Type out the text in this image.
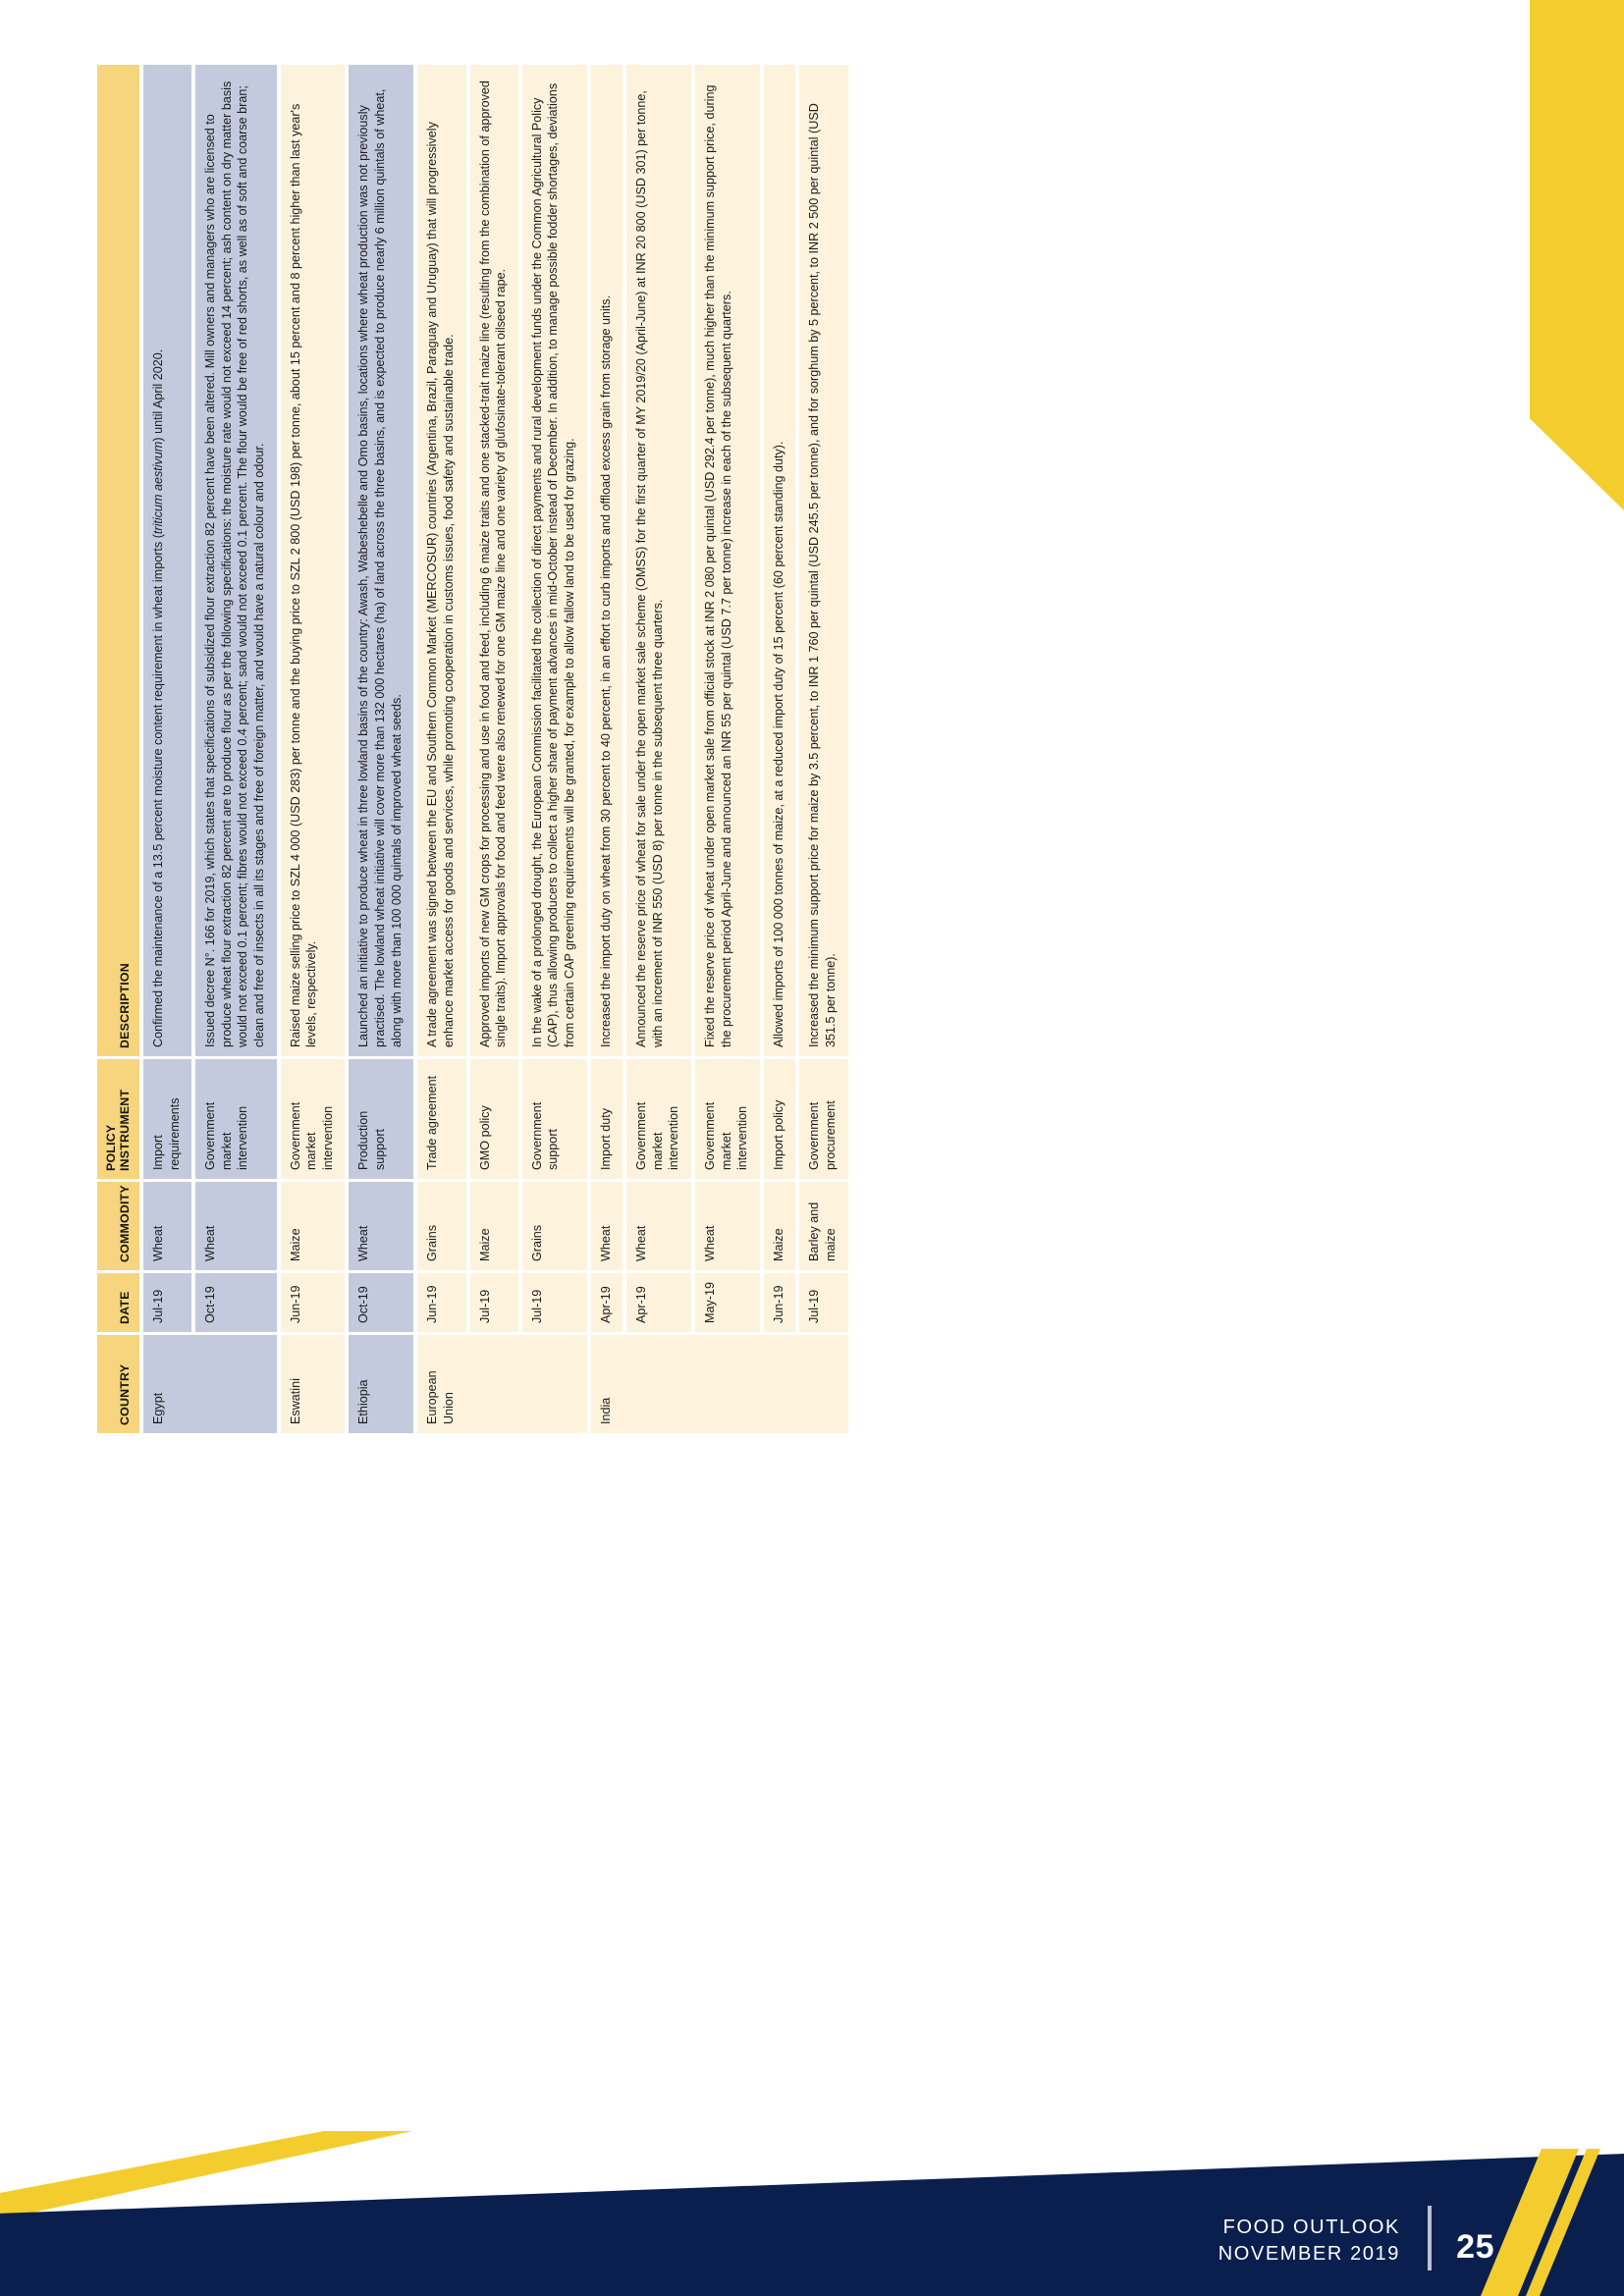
COUNTRY	DATE	COMMODITY	POLICY INSTRUMENT	DESCRIPTION
Egypt	Jul-19	Wheat	Import requirements	Confirmed the maintenance of a 13.5 percent moisture content requirement in wheat imports (triticum aestivum) until April 2020.
	Oct-19	Wheat	Government market intervention	Issued decree N°. 166 for 2019, which states that specifications of subsidized flour extraction 82 percent have been altered. Mill owners and managers who are licensed to produce wheat flour extraction 82 percent are to produce flour as per the following specifications: the moisture rate would not exceed 14 percent; ash content on dry matter basis would not exceed 0.1 percent; fibres would not exceed 0.4 percent; sand would not exceed 0.1 percent. The flour would be free of red shorts, as well as of soft and coarse bran; clean and free of insects in all its stages and free of foreign matter, and would have a natural colour and odour.
Eswatini	Jun-19	Maize	Government market intervention	Raised maize selling price to SZL 4 000 (USD 283) per tonne and the buying price to SZL 2 800 (USD 198) per tonne, about 15 percent and 8 percent higher than last year's levels, respectively.
Ethiopia	Oct-19	Wheat	Production support	Launched an initiative to produce wheat in three lowland basins of the country: Awash, Wabeshebelle and Omo basins, locations where wheat production was not previously practised. The lowland wheat initiative will cover more than 132 000 hectares (ha) of land across the three basins, and is expected to produce nearly 6 million quintals of wheat, along with more than 100 000 quintals of improved wheat seeds.
European Union	Jun-19	Grains	Trade agreement	A trade agreement was signed between the EU and Southern Common Market (MERCOSUR) countries (Argentina, Brazil, Paraguay and Uruguay) that will progressively enhance market access for goods and services, while promoting cooperation in customs issues, food safety and sustainable trade.
	Jul-19	Maize	GMO policy	Approved imports of new GM crops for processing and use in food and feed, including 6 maize traits and one stacked-trait maize line (resulting from the combination of approved single traits). Import approvals for food and feed were also renewed for one GM maize line and one variety of glufosinate-tolerant oilseed rape.
	Jul-19	Grains	Government support	In the wake of a prolonged drought, the European Commission facilitated the collection of direct payments and rural development funds under the Common Agricultural Policy (CAP), thus allowing producers to collect a higher share of payment advances in mid-October instead of December. In addition, to manage possible fodder shortages, deviations from certain CAP greening requirements will be granted, for example to allow fallow land to be used for grazing.
India	Apr-19	Wheat	Import duty	Increased the import duty on wheat from 30 percent to 40 percent, in an effort to curb imports and offload excess grain from storage units.
	Apr-19	Wheat	Government market intervention	Announced the reserve price of wheat for sale under the open market sale scheme (OMSS) for the first quarter of MY 2019/20 (April-June) at INR 20 800 (USD 301) per tonne, with an increment of INR 550 (USD 8) per tonne in the subsequent three quarters.
	May-19	Wheat	Government market intervention	Fixed the reserve price of wheat under open market sale from official stock at INR 2 080 per quintal (USD 292.4 per tonne), much higher than the minimum support price, during the procurement period April-June and announced an INR 55 per quintal (USD 7.7 per tonne) increase in each of the subsequent quarters.
	Jun-19	Maize	Import policy	Allowed imports of 100 000 tonnes of maize, at a reduced import duty of 15 percent (60 percent standing duty).
	Jul-19	Barley and maize	Government procurement	Increased the minimum support price for maize by 3.5 percent, to INR 1 760 per quintal (USD 245.5 per tonne), and for sorghum by 5 percent, to INR 2 500 per quintal (USD 351.5 per tonne).
FOOD OUTLOOK
NOVEMBER 2019 25
